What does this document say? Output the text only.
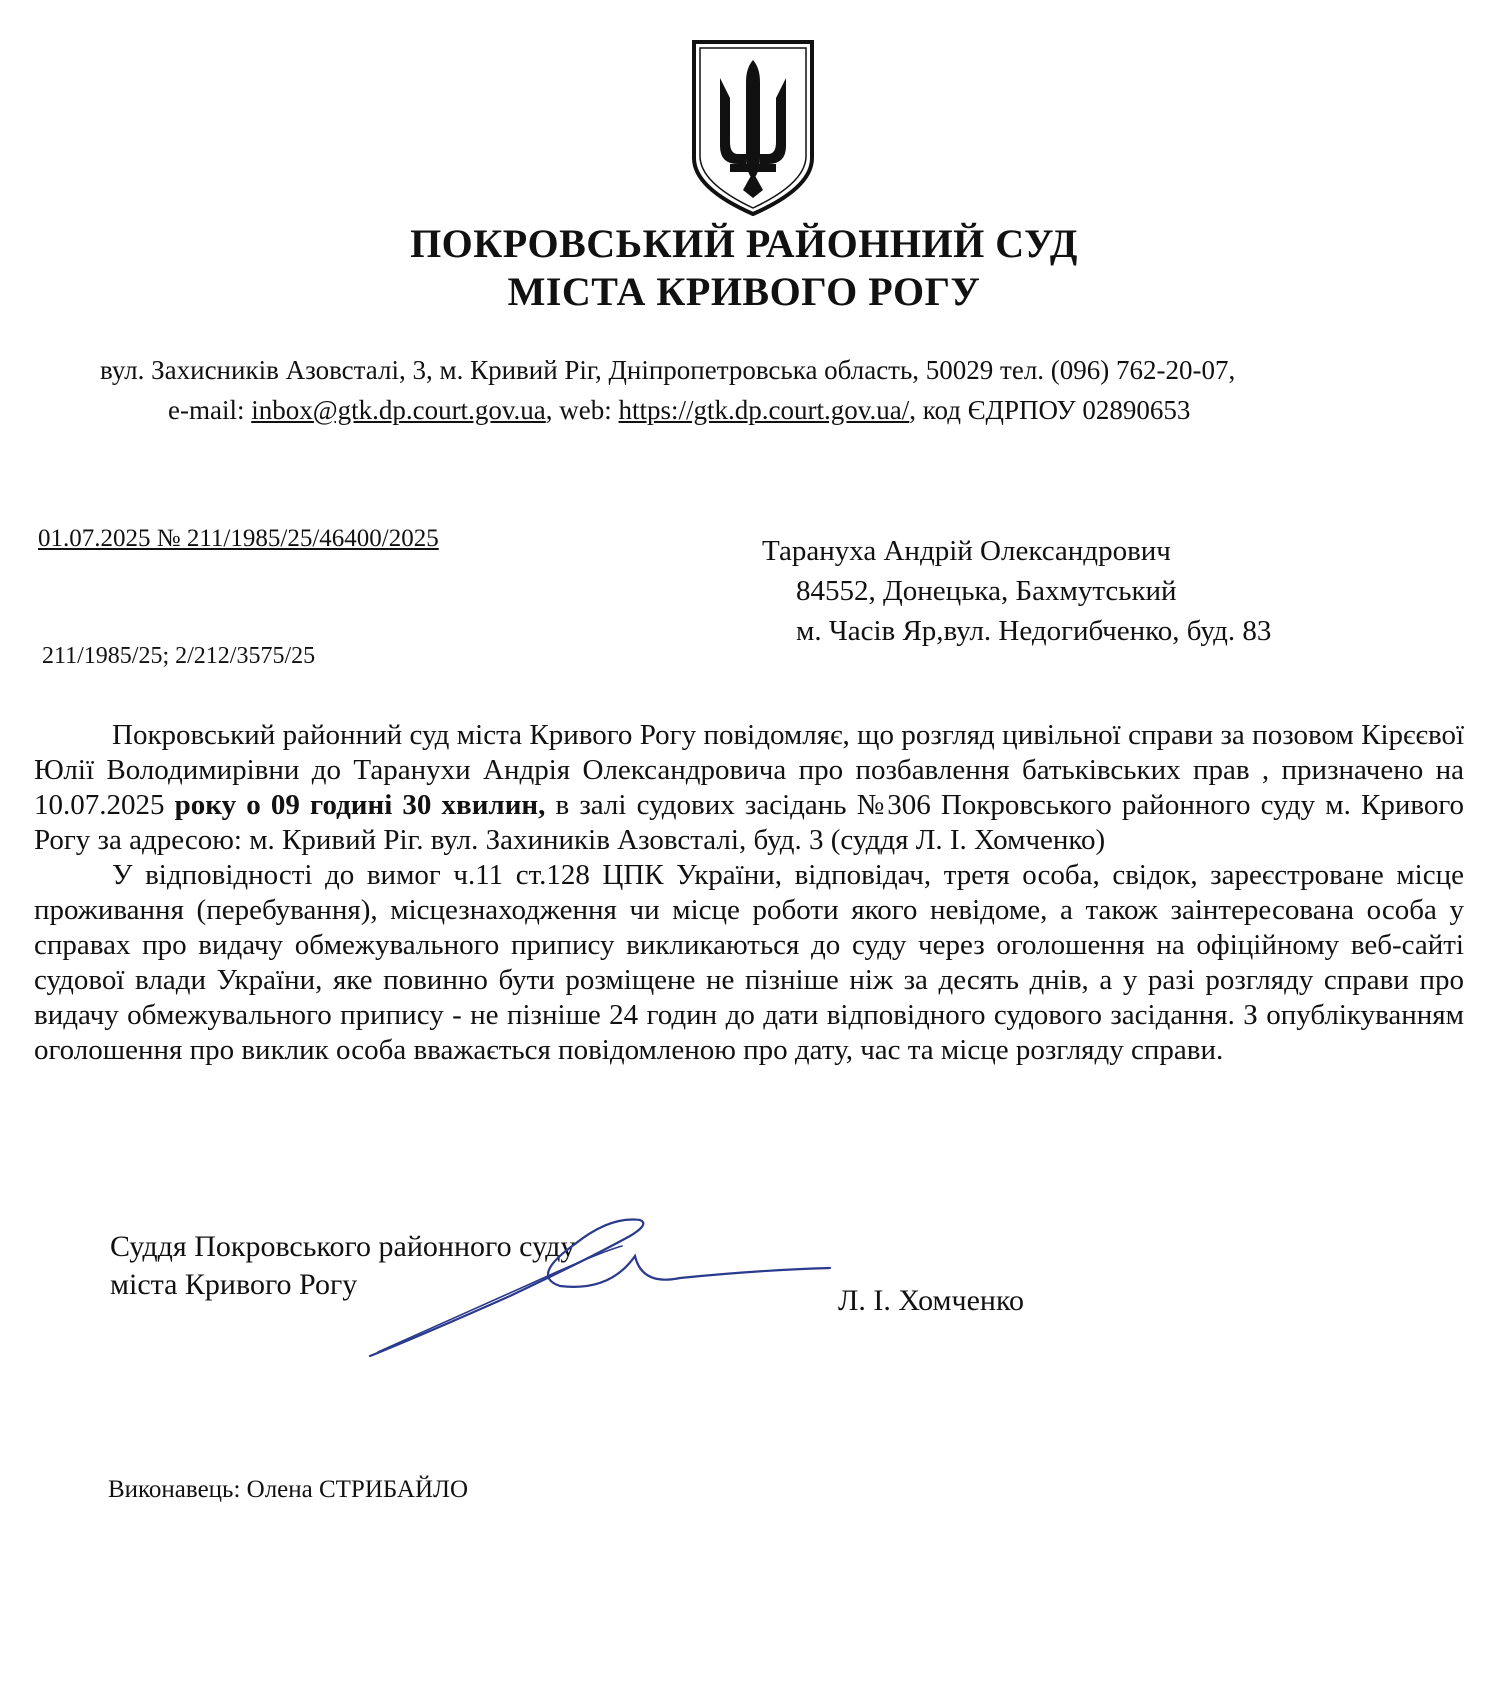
ПОКРОВСЬКИЙ РАЙОННИЙ СУД
МІСТА КРИВОГО РОГУ
вул. Захисників Азовсталі, 3, м. Кривий Ріг, Дніпропетровська область, 50029 тел. (096) 762-20-07,
e-mail: inbox@gtk.dp.court.gov.ua, web: https://gtk.dp.court.gov.ua/, код ЄДРПОУ 02890653
01.07.2025 № 211/1985/25/46400/2025
211/1985/25; 2/212/3575/25
Тарануха Андрій Олександрович
84552, Донецька, Бахмутський
м. Часів Яр,вул. Недогибченко, буд. 83

Покровський районний суд міста Кривого Рогу повідомляє, що розгляд цивільної справи за позовом Кірєєвої Юлії Володимирівни до Таранухи Андрія Олександровича про позбавлення батьківських прав , призначено на 10.07.2025 року о 09 годині 30 хвилин, в залі судових засідань №306 Покровського районного суду м. Кривого Рогу за адресою: м. Кривий Ріг. вул. Захиників Азовсталі, буд. 3 (суддя Л. І. Хомченко)

У відповідності до вимог ч.11 ст.128 ЦПК України, відповідач, третя особа, свідок, зареєстроване місце проживання (перебування), місцезнаходження чи місце роботи якого невідоме, а також заінтересована особа у справах про видачу обмежувального припису викликаються до суду через оголошення на офіційному веб-сайті судової влади України, яке повинно бути розміщене не пізніше ніж за десять днів, а у разі розгляду справи про видачу обмежувального припису - не пізніше 24 годин до дати відповідного судового засідання. З опублікуванням оголошення про виклик особа вважається повідомленою про дату, час та місце розгляду справи.

Суддя Покровського районного суду
міста Кривого Рогу	Л. І. Хомченко
Виконавець: Олена СТРИБАЙЛО
